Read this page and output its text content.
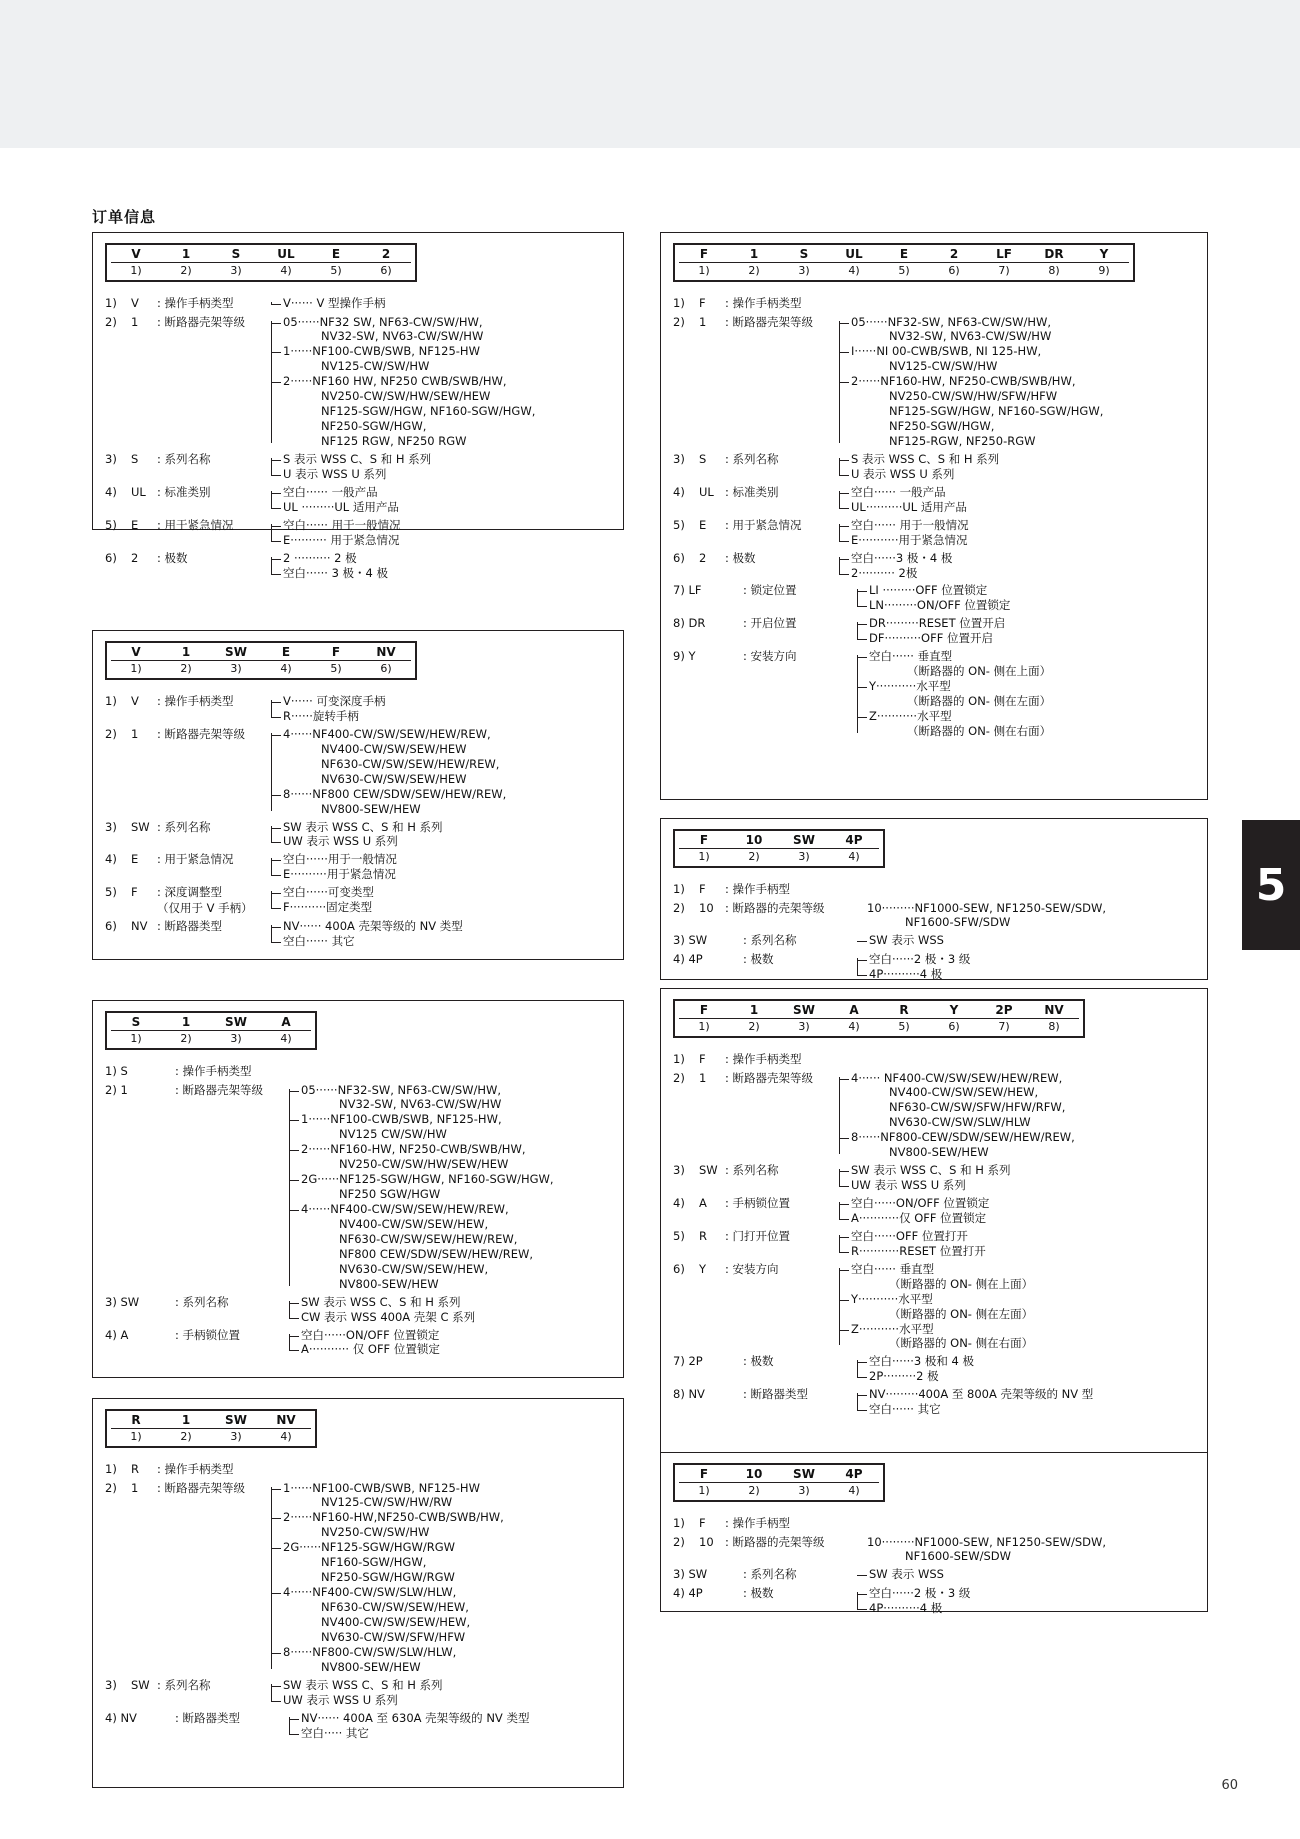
订单信息
5
60
V	1	S	UL	E	2
1)	2)	3)	4)	5)	6)
1)	V	: 操作手柄类型	V······ V 型操作手柄
2)	1	: 断路器壳架等级	05······NF32 SW, NF63-CW/SW/HW,
NV32-SW, NV63-CW/SW/HW
1······NF100-CWB/SWB, NF125-HW
NV125-CW/SW/HW
2······NF160 HW, NF250 CWB/SWB/HW,
NV250-CW/SW/HW/SEW/HEW
NF125-SGW/HGW, NF160-SGW/HGW,
NF250-SGW/HGW,
NF125 RGW, NF250 RGW
3)	S	: 系列名称	S 表示 WSS C、S 和 H 系列
U 表示 WSS U 系列
4)	UL : 标准类别	空白······ 一般产品
UL ·········UL 适用产品
5)	E	: 用于紧急情况	空白······ 用于一般情况
E·········· 用于紧急情况
6)	2	: 极数	2 ·········· 2 极
空白······ 3 极・4 极
V	1	SW	E	F	NV
1)	2)	3)	4)	5)	6)
1)	V	: 操作手柄类型	V······ 可变深度手柄
R······旋转手柄
2)	1	: 断路器壳架等级	4······NF400-CW/SW/SEW/HEW/REW,
NV400-CW/SW/SEW/HEW
NF630-CW/SW/SEW/HEW/REW,
NV630-CW/SW/SEW/HEW
8······NF800 CEW/SDW/SEW/HEW/REW,
NV800-SEW/HEW
3)	SW : 系列名称	SW 表示 WSS C、S 和 H 系列
UW 表示 WSS U 系列
4)	E	: 用于紧急情况	空白······用于一般情况
E··········用于紧急情况
5)	F	: 深度调整型
（仅用于 V 手柄）
空白······可变类型
F··········固定类型
6)	NV : 断路器类型	NV······ 400A 壳架等级的 NV 类型
空白······ 其它
S	1	SW	A
1)	2)	3)	4)
1) S	: 操作手柄类型
2) 1	: 断路器壳架等级	05······NF32-SW, NF63-CW/SW/HW,
NV32-SW, NV63-CW/SW/HW
1······NF100-CWB/SWB, NF125-HW,
NV125 CW/SW/HW
2······NF160-HW, NF250-CWB/SWB/HW,
NV250-CW/SW/HW/SEW/HEW
2G······NF125-SGW/HGW, NF160-SGW/HGW,
NF250 SGW/HGW
4······NF400-CW/SW/SEW/HEW/REW,
NV400-CW/SW/SEW/HEW,
NF630-CW/SW/SEW/HEW/REW,
NF800 CEW/SDW/SEW/HEW/REW,
NV630-CW/SW/SEW/HEW,
NV800-SEW/HEW
3) SW	: 系列名称	SW 表示 WSS C、S 和 H 系列
CW 表示 WSS 400A 壳架 C 系列
4) A	: 手柄锁位置	空白······ON/OFF 位置锁定
A··········· 仅 OFF 位置锁定
R	1	SW	NV
1)	2)	3)	4)
1)	R	: 操作手柄类型
2)	1	: 断路器壳架等级	1······NF100-CWB/SWB, NF125-HW
NV125-CW/SW/HW/RW
2······NF160-HW,NF250-CWB/SWB/HW,
NV250-CW/SW/HW
2G······NF125-SGW/HGW/RGW
NF160-SGW/HGW,
NF250-SGW/HGW/RGW
4······NF400-CW/SW/SLW/HLW,
NF630-CW/SW/SEW/HEW,
NV400-CW/SW/SEW/HEW,
NV630-CW/SW/SFW/HFW
8······NF800-CW/SW/SLW/HLW,
NV800-SEW/HEW
3)	SW : 系列名称	SW 表示 WSS C、S 和 H 系列
UW 表示 WSS U 系列
4) NV	: 断路器类型	NV······ 400A 至 630A 壳架等级的 NV 类型
空白····· 其它
F	1	S	UL	E	2	LF	DR	Y
1)	2)	3)	4)	5)	6)	7)	8)	9)
1)	F	: 操作手柄类型
2)	1	: 断路器壳架等级	05······NF32-SW, NF63-CW/SW/HW,
NV32-SW, NV63-CW/SW/HW
I······NI 00-CWB/SWB, NI 125-HW,
NV125-CW/SW/HW
2······NF160-HW, NF250-CWB/SWB/HW,
NV250-CW/SW/HW/SFW/HFW
NF125-SGW/HGW, NF160-SGW/HGW,
NF250-SGW/HGW,
NF125-RGW, NF250-RGW
3)	S	: 系列名称	S 表示 WSS C、S 和 H 系列
U 表示 WSS U 系列
4)	UL : 标准类别	空白······ 一般产品
UL··········UL 适用产品
5)	E	: 用于紧急情况	空白······ 用于一般情况
E···········用于紧急情况
6)	2	: 极数	空白······3 极・4 极
2·········· 2极
7) LF	: 锁定位置	LI ·········OFF 位置锁定
LN·········ON/OFF 位置锁定
8) DR	: 开启位置	DR·········RESET 位置开启
DF··········OFF 位置开启
9) Y	: 安装方向	空白······ 垂直型
（断路器的 ON- 侧在上面）
Y···········水平型
（断路器的 ON- 侧在左面）
Z···········水平型
（断路器的 ON- 侧在右面）
F	10	SW	4P
1)	2)	3)	4)
1)	F	: 操作手柄型
2)	10 : 断路器的壳架等级	10·········NF1000-SEW, NF1250-SEW/SDW,
NF1600-SFW/SDW
3) SW	: 系列名称	SW 表示 WSS
4) 4P	: 极数	空白······2 极・3 级
4P··········4 极
F	1	SW	A	R	Y	2P	NV
1)	2)	3)	4)	5)	6)	7)	8)
1)	F	: 操作手柄类型
2)	1	: 断路器壳架等级	4······ NF400-CW/SW/SEW/HEW/REW,
NV400-CW/SW/SEW/HEW,
NF630-CW/SW/SFW/HFW/RFW,
NV630-CW/SW/SLW/HLW
8······NF800-CEW/SDW/SEW/HEW/REW,
NV800-SEW/HEW
3)	SW : 系列名称	SW 表示 WSS C、S 和 H 系列
UW 表示 WSS U 系列
4)	A	: 手柄锁位置	空白······ON/OFF 位置锁定
A···········仅 OFF 位置锁定
5)	R	: 门打开位置	空白······OFF 位置打开
R···········RESET 位置打开
6)	Y	: 安装方向	空白······ 垂直型
（断路器的 ON- 侧在上面）
Y···········水平型
（断路器的 ON- 侧在左面）
Z···········水平型
（断路器的 ON- 侧在右面）
7) 2P	: 极数	空白······3 极和 4 极
2P·········2 极
8) NV	: 断路器类型	NV·········400A 至 800A 壳架等级的 NV 型
空白······ 其它
F	10	SW	4P
1)	2)	3)	4)
1)	F	: 操作手柄型
2)	10 : 断路器的壳架等级	10·········NF1000-SEW, NF1250-SEW/SDW,
NF1600-SEW/SDW
3) SW	: 系列名称	SW 表示 WSS
4) 4P	: 极数	空白······2 极・3 级
4P··········4 极
